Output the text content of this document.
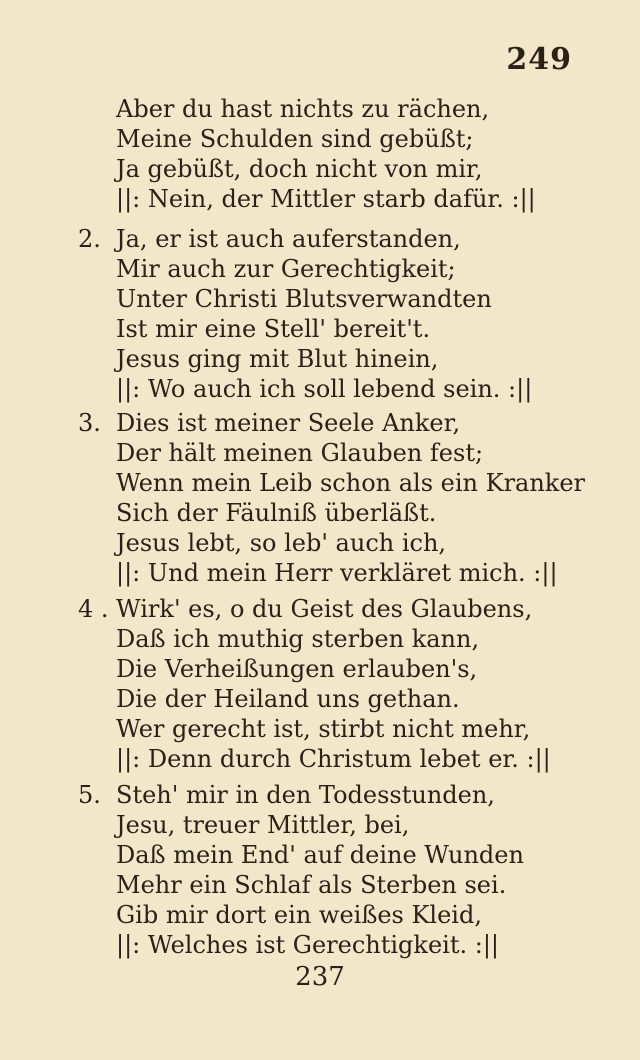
249
Aber du hast nichts zu rächen,
Meine Schulden sind gebüßt;
Ja gebüßt, doch nicht von mir,
||: Nein, der Mittler starb dafür. :||
2. Ja, er ist auch auferstanden,
Mir auch zur Gerechtigkeit;
Unter Christi Blutsverwandten
Ist mir eine Stell' bereit't.
Jesus ging mit Blut hinein,
||: Wo auch ich soll lebend sein. :||
3. Dies ist meiner Seele Anker,
Der hält meinen Glauben fest;
Wenn mein Leib schon als ein Kranker
Sich der Fäulniß überläßt.
Jesus lebt, so leb' auch ich,
||: Und mein Herr verkläret mich. :||
4 . Wirk' es, o du Geist des Glaubens,
Daß ich muthig sterben kann,
Die Verheißungen erlauben's,
Die der Heiland uns gethan.
Wer gerecht ist, stirbt nicht mehr,
||: Denn durch Christum lebet er. :||
5. Steh' mir in den Todesstunden,
Jesu, treuer Mittler, bei,
Daß mein End' auf deine Wunden
Mehr ein Schlaf als Sterben sei.
Gib mir dort ein weißes Kleid,
||: Welches ist Gerechtigkeit. :||
237
